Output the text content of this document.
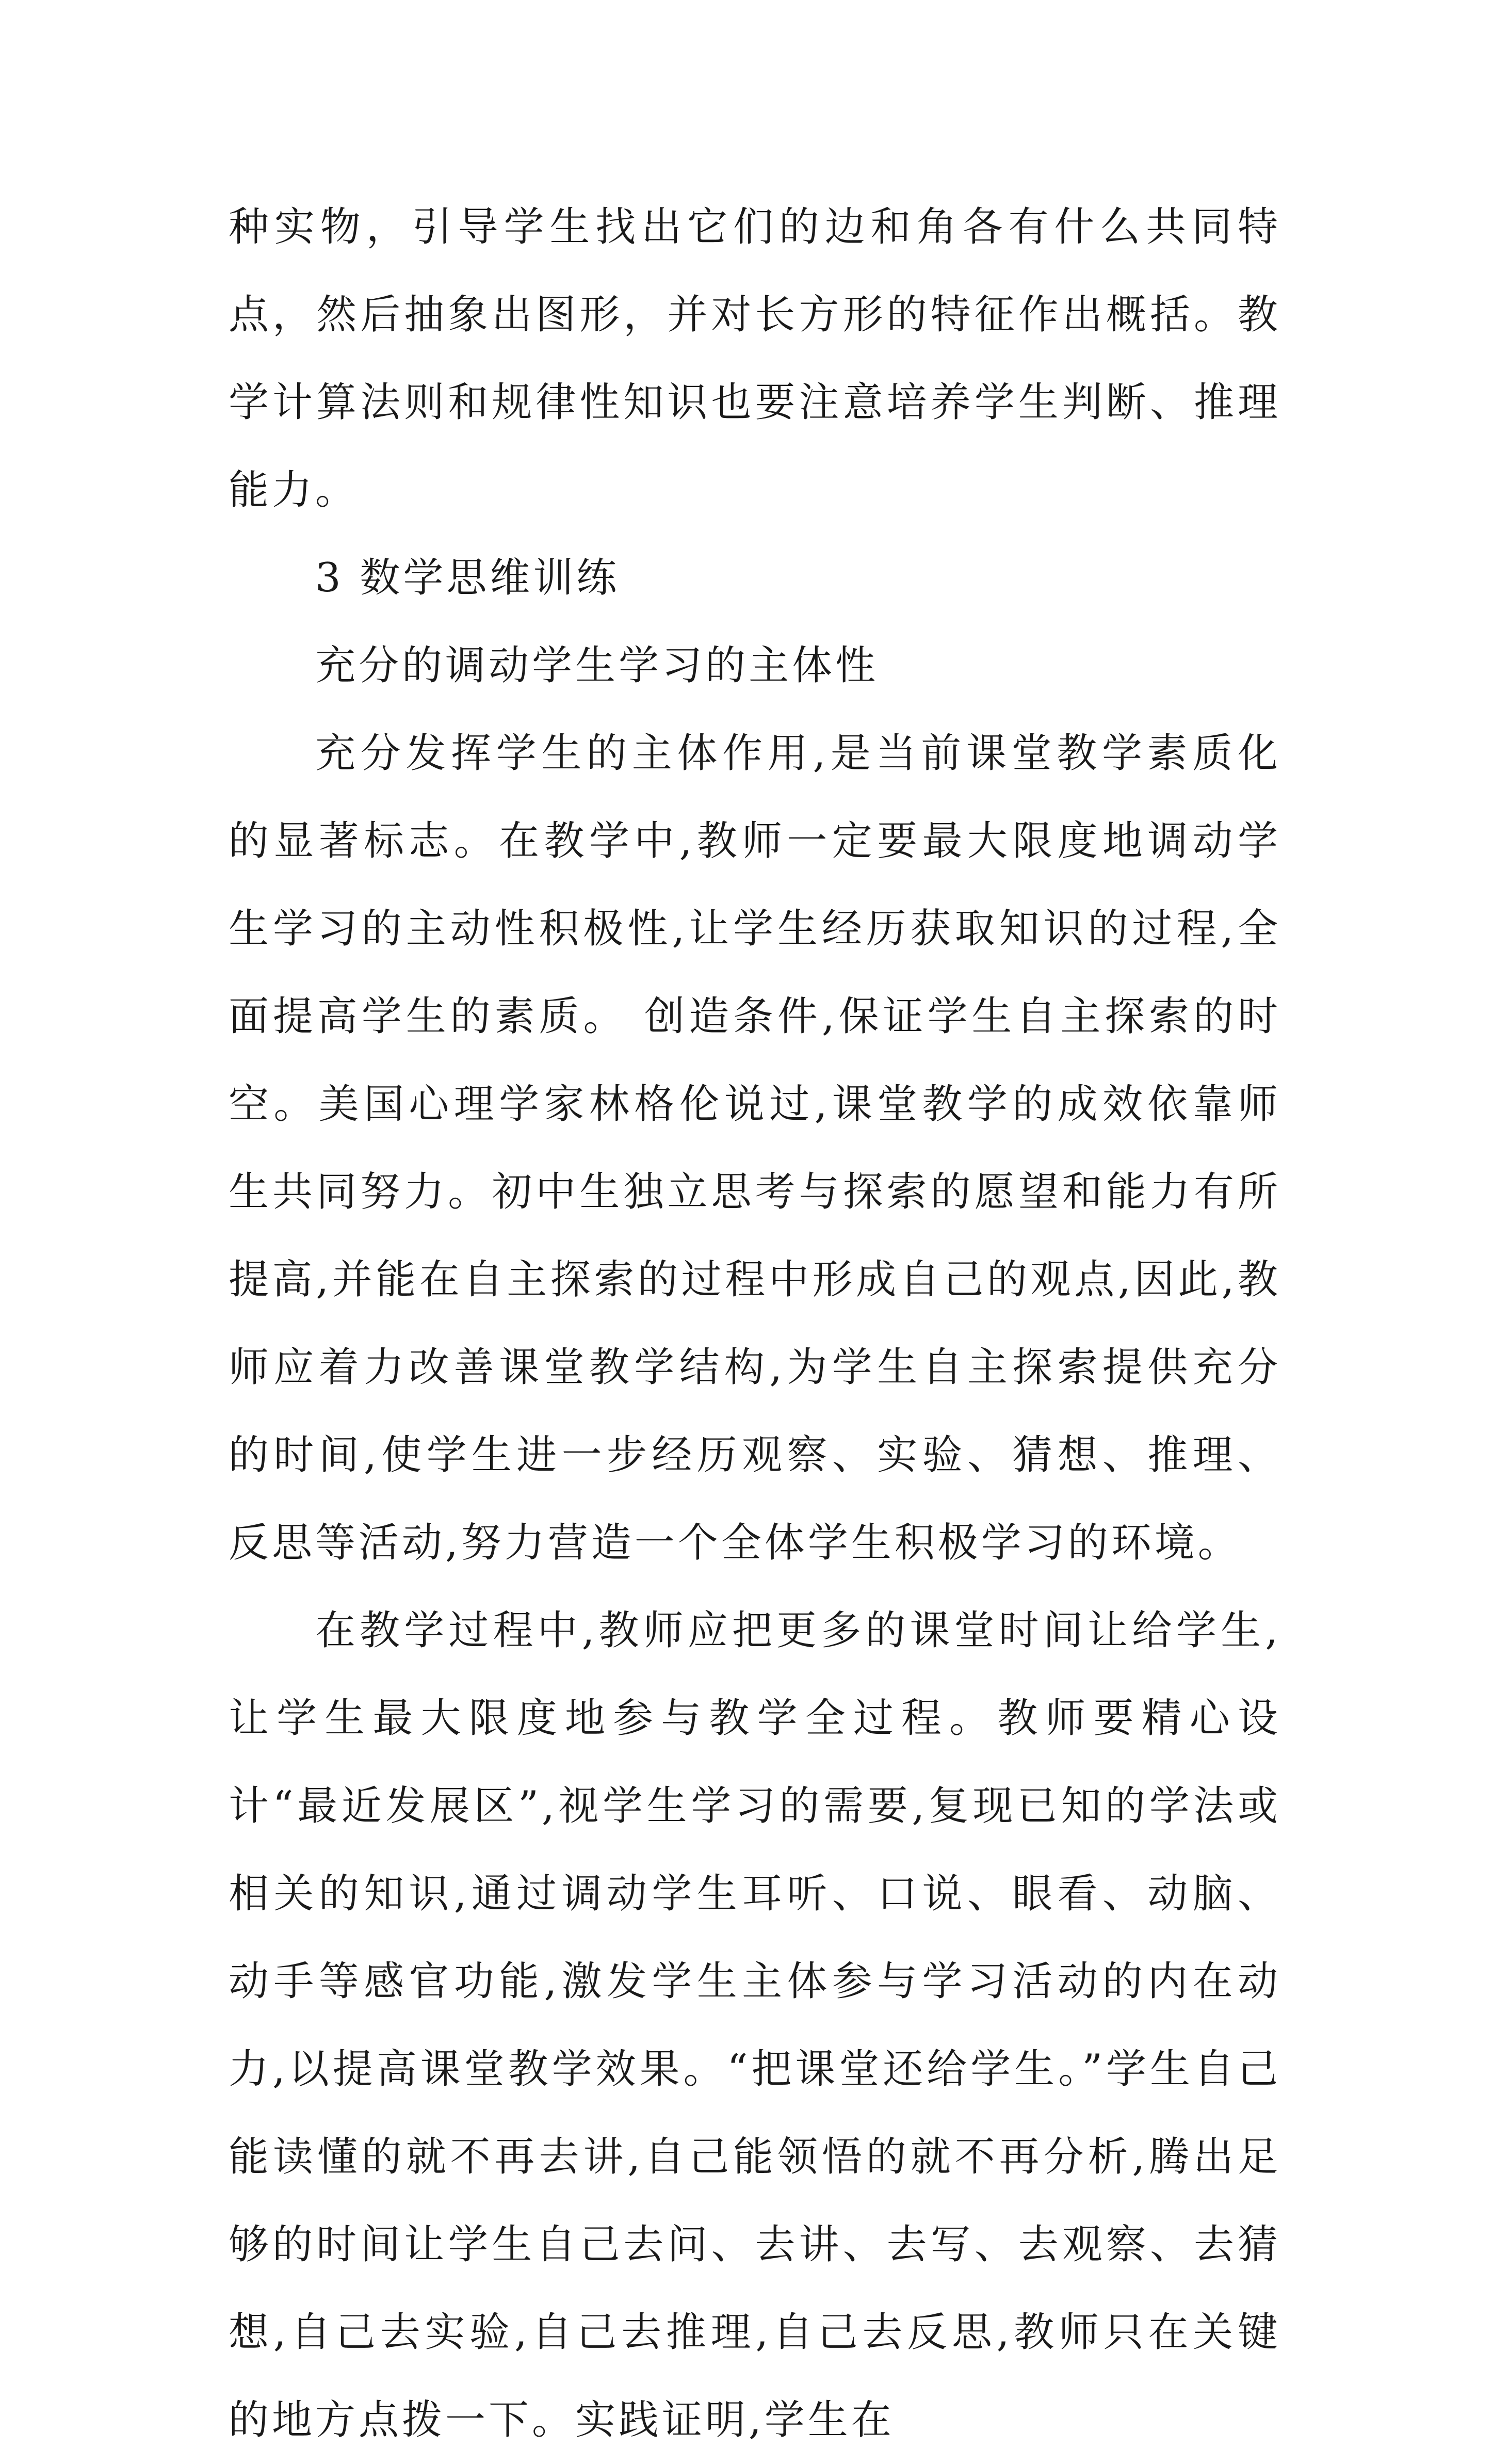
种实物，引导学生找出它们的边和角各有什么共同特点，然后抽象出图形，并对长方形的特征作出概括。教学计算法则和规律性知识也要注意培养学生判断、推理能力。

3 数学思维训练

充分的调动学生学习的主体性

充分发挥学生的主体作用,是当前课堂教学素质化的显著标志。在教学中,教师一定要最大限度地调动学生学习的主动性积极性,让学生经历获取知识的过程,全面提高学生的素质。 创造条件,保证学生自主探索的时空。美国心理学家林格伦说过,课堂教学的成效依靠师生共同努力。初中生独立思考与探索的愿望和能力有所提高,并能在自主探索的过程中形成自己的观点,因此,教师应着力改善课堂教学结构,为学生自主探索提供充分的时间,使学生进一步经历观察、实验、猜想、推理、反思等活动,努力营造一个全体学生积极学习的环境。

在教学过程中,教师应把更多的课堂时间让给学生,让学生最大限度地参与教学全过程。教师要精心设计“最近发展区”,视学生学习的需要,复现已知的学法或相关的知识,通过调动学生耳听、口说、眼看、动脑、动手等感官功能,激发学生主体参与学习活动的内在动力,以提高课堂教学效果。“把课堂还给学生。”学生自己能读懂的就不再去讲,自己能领悟的就不再分析,腾出足够的时间让学生自己去问、去讲、去写、去观察、去猜想,自己去实验,自己去推理,自己去反思,教师只在关键的地方点拨一下。实践证明,学生在
